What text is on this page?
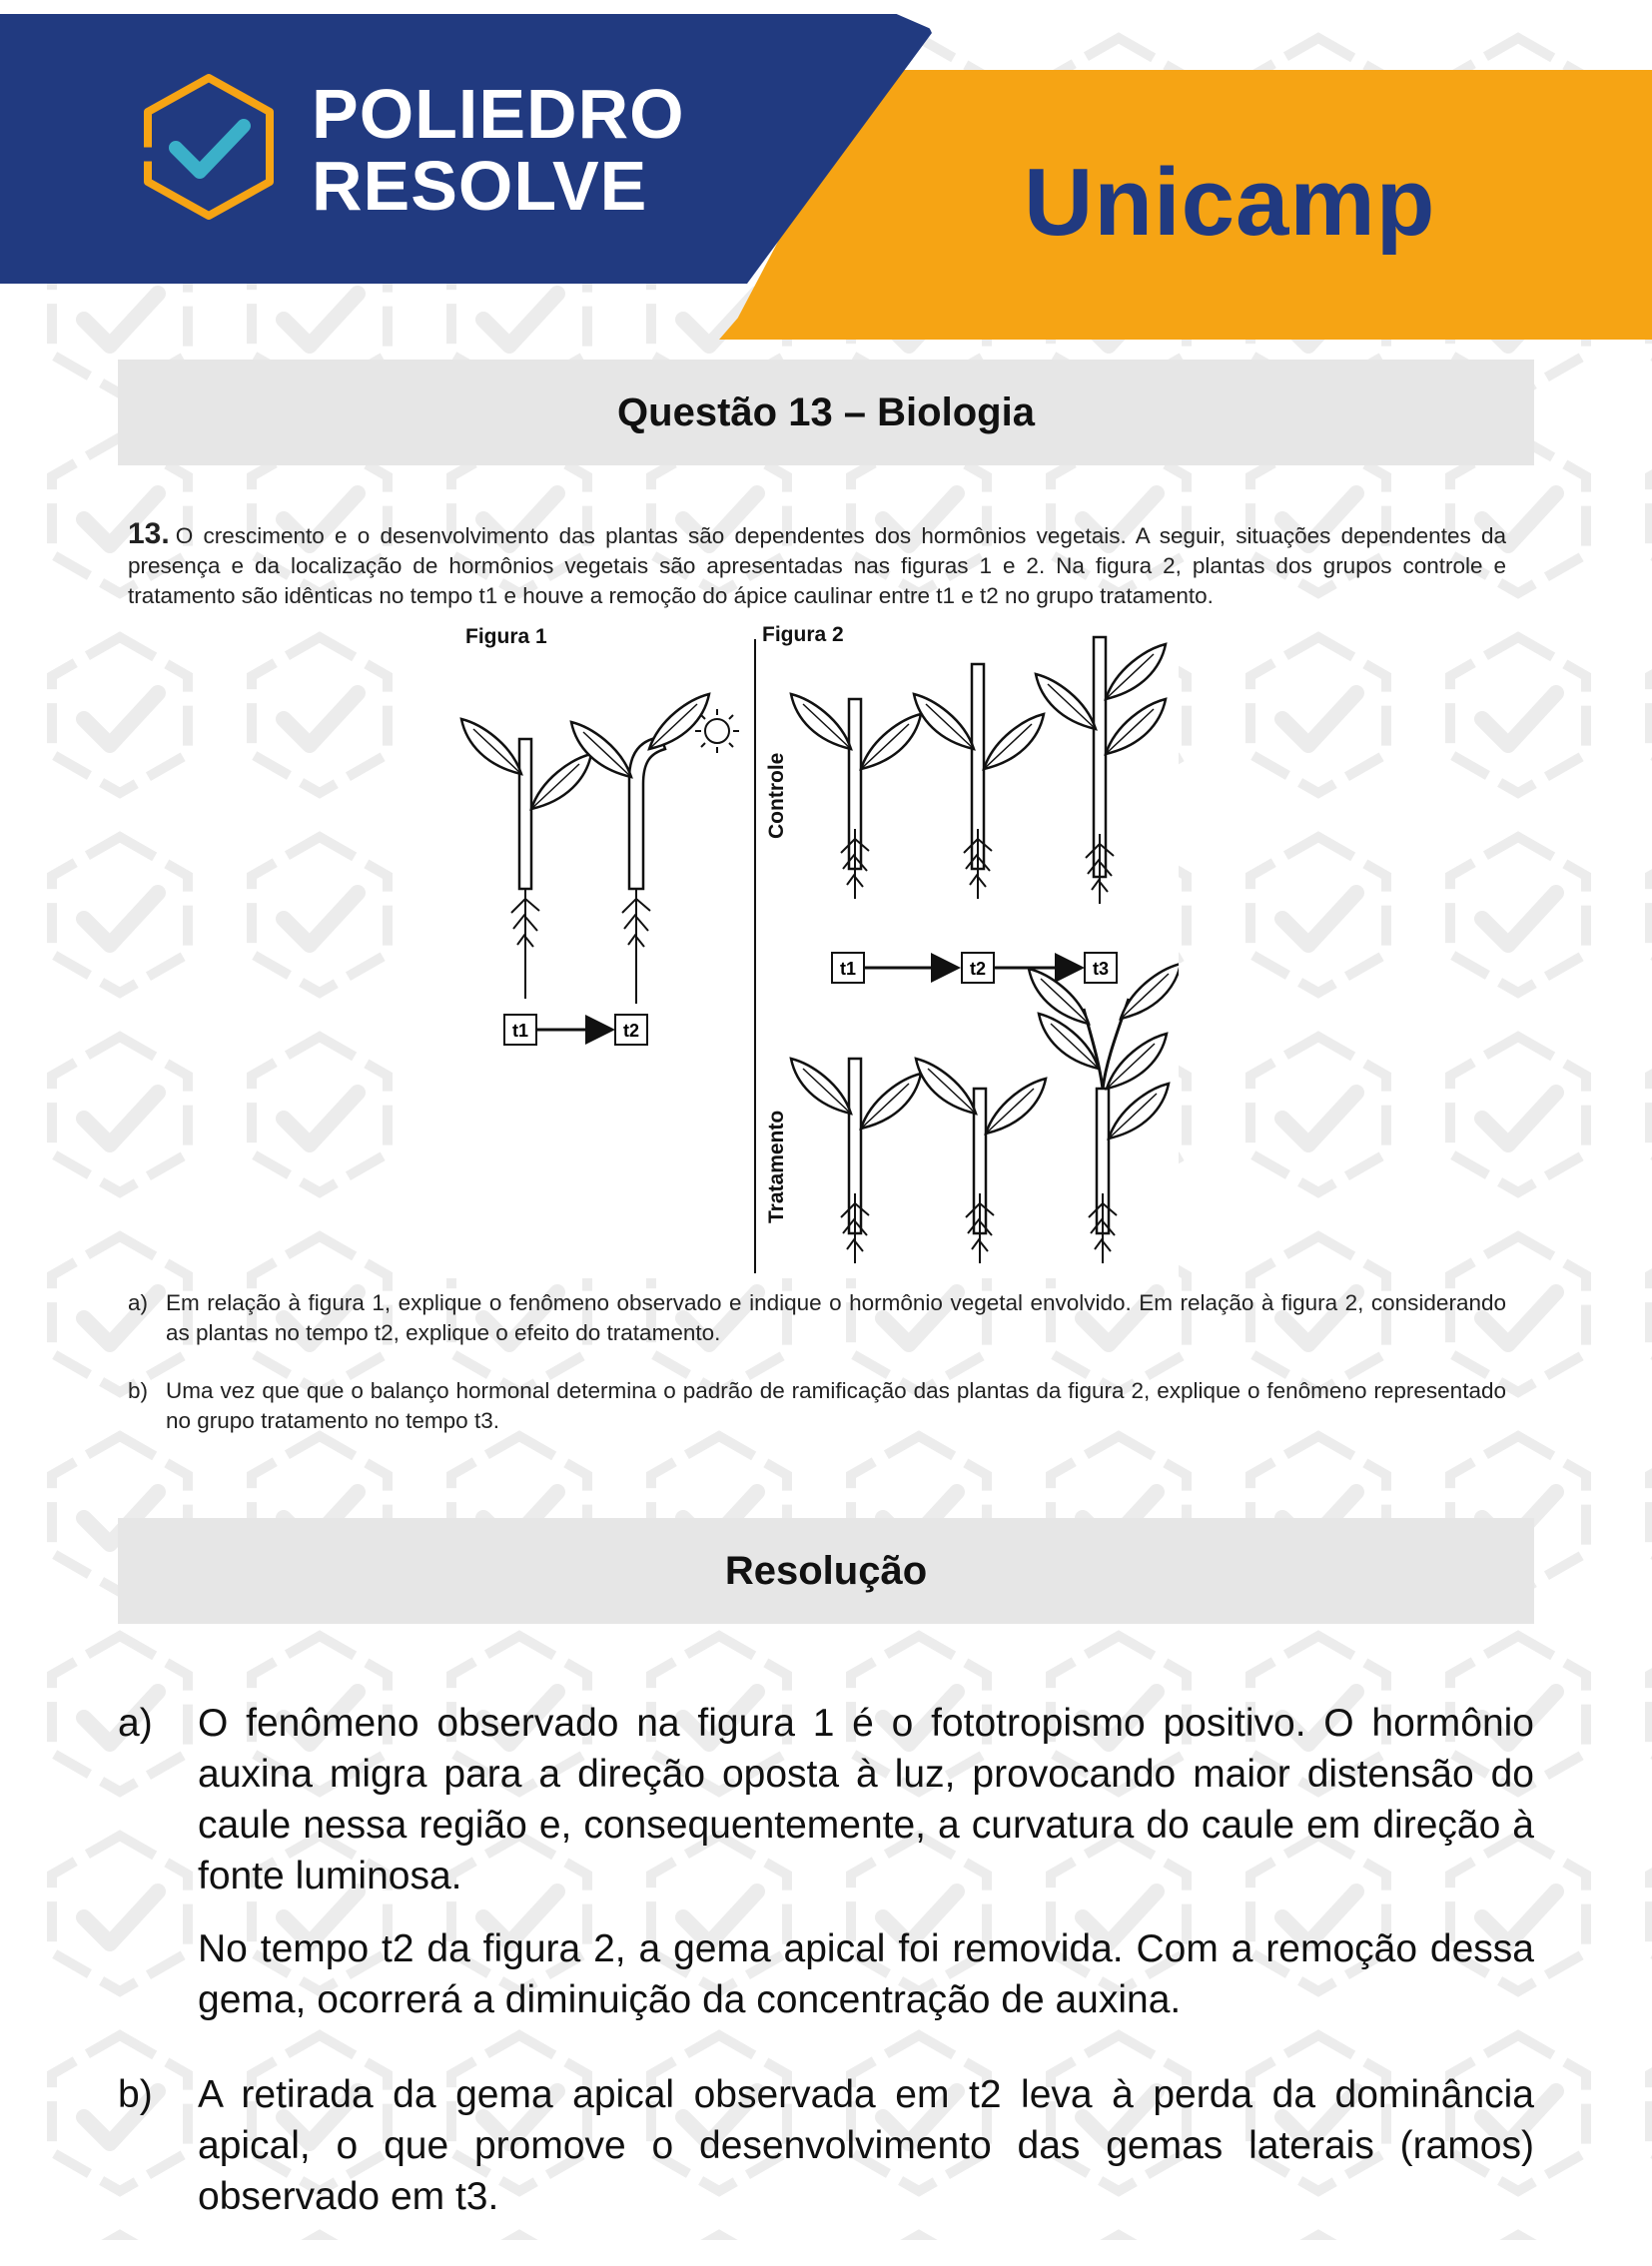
POLIEDRO
RESOLVE	Unicamp
Questão 13 – Biologia
13. O crescimento e o desenvolvimento das plantas são dependentes dos hormônios vegetais. A seguir, situações dependentes da presença e da localização de hormônios vegetais são apresentadas nas figuras 1 e 2. Na figura 2, plantas dos grupos controle e tratamento são idênticas no tempo t1 e houve a remoção do ápice caulinar entre t1 e t2 no grupo tratamento.
Figura 1
t1	t2
Figura 2
Controle
Tratamento
t1	t2	t3
a) Em relação à figura 1, explique o fenômeno observado e indique o hormônio vegetal envolvido. Em relação à figura 2, considerando as plantas no tempo t2, explique o efeito do tratamento.
b) Uma vez que que o balanço hormonal determina o padrão de ramificação das plantas da figura 2, explique o fenômeno representado no grupo tratamento no tempo t3.
Resolução
a)	O fenômeno observado na figura 1 é o fototropismo positivo. O hormônio auxina migra para a direção oposta à luz, provocando maior distensão do caule nessa região e, consequentemente, a curvatura do caule em direção à fonte luminosa.

No tempo t2 da figura 2, a gema apical foi removida. Com a remoção dessa gema, ocorrerá a diminuição da concentração de auxina.

b)	A retirada da gema apical observada em t2 leva à perda da dominância apical, o que promove o desenvolvimento das gemas laterais (ramos) observado em t3.
